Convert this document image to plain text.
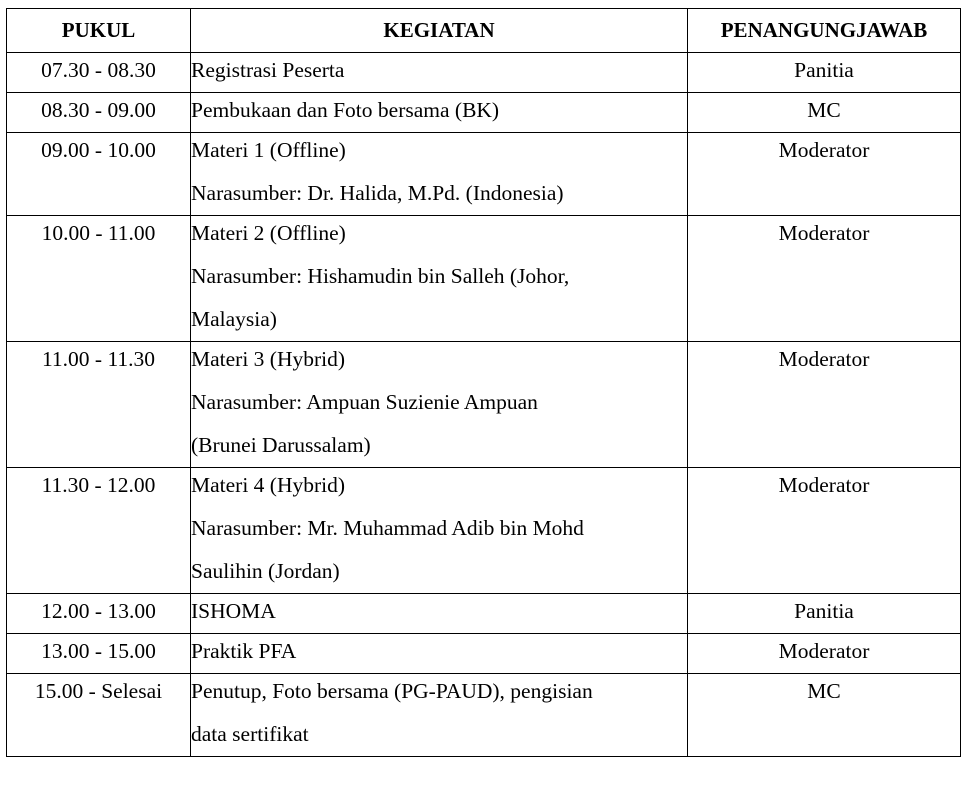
PUKUL	KEGIATAN	PENANGUNGJAWAB

07.30 - 08.30	Registrasi Peserta	Panitia

08.30 - 09.00	Pembukaan dan Foto bersama (BK)	MC

09.00 - 10.00	Materi 1 (Offline)
Narasumber: Dr. Halida, M.Pd. (Indonesia)	Moderator

10.00 - 11.00	Materi 2 (Offline)
Narasumber: Hishamudin bin Salleh (Johor,
Malaysia)	Moderator

11.00 - 11.30	Materi 3 (Hybrid)
Narasumber: Ampuan Suzienie Ampuan
(Brunei Darussalam)	Moderator

11.30 - 12.00	Materi 4 (Hybrid)
Narasumber: Mr. Muhammad Adib bin Mohd
Saulihin (Jordan)	Moderator

12.00 - 13.00	ISHOMA	Panitia

13.00 - 15.00	Praktik PFA	Moderator

15.00 - Selesai	Penutup, Foto bersama (PG-PAUD), pengisian
data sertifikat	MC
